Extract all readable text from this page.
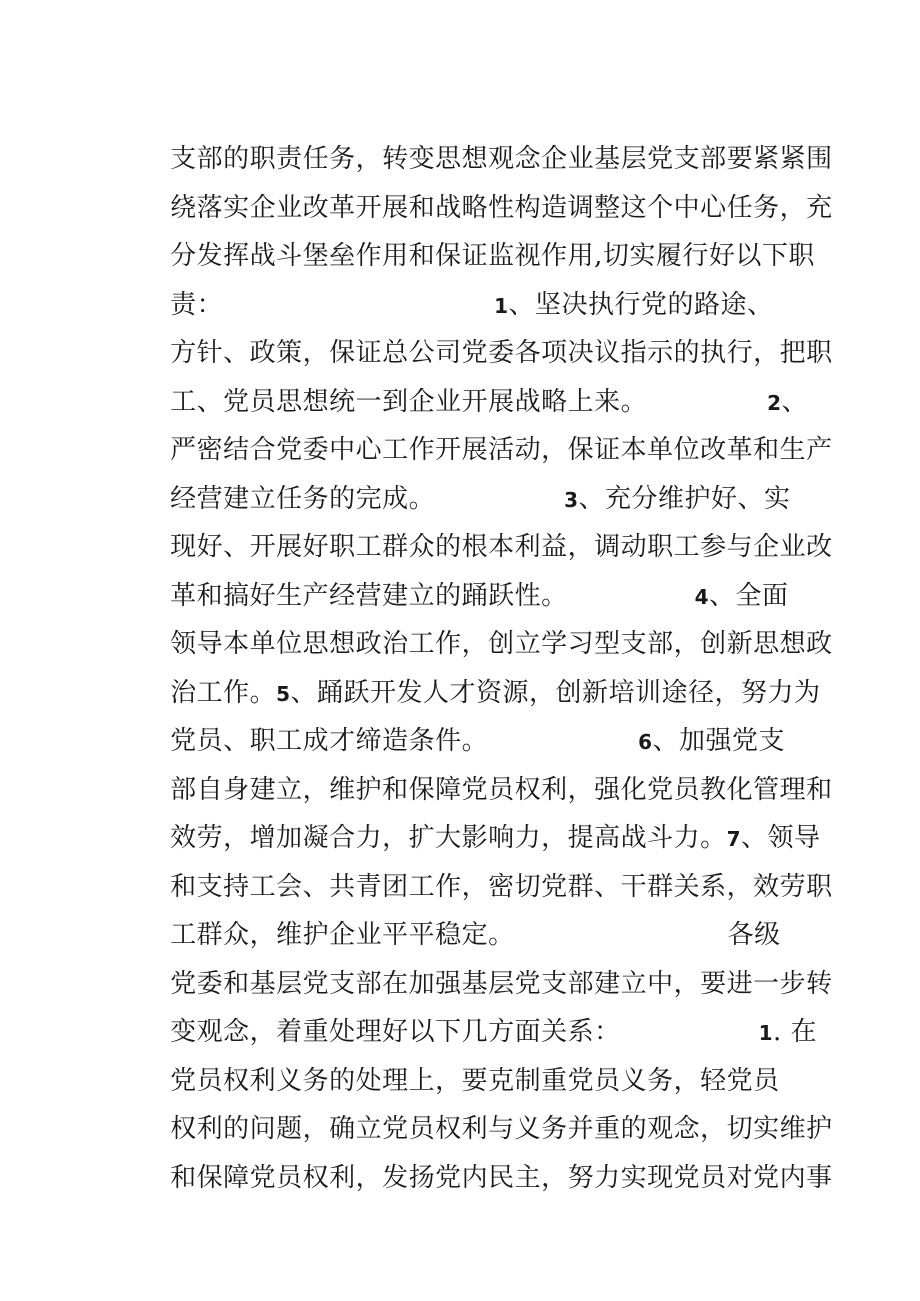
支部的职责任务，转变思想观念企业基层党支部要紧紧围

绕落实企业改革开展和战略性构造调整这个中心任务，充

分发挥战斗堡垒作用和保证监视作用,切实履行好以下职

责：	1、坚决执行党的路途、

方针、政策，保证总公司党委各项决议指示的执行，把职

工、党员思想统一到企业开展战略上来。	2、

严密结合党委中心工作开展活动，保证本单位改革和生产

经营建立任务的完成。	3、充分维护好、实

现好、开展好职工群众的根本利益，调动职工参与企业改

革和搞好生产经营建立的踊跃性。	4、全面

领导本单位思想政治工作，创立学习型支部，创新思想政

治工作。5、踊跃开发人才资源，创新培训途径，努力为

党员、职工成才缔造条件。	6、加强党支

部自身建立，维护和保障党员权利，强化党员教化管理和

效劳，增加凝合力，扩大影响力，提高战斗力。7、领导

和支持工会、共青团工作，密切党群、干群关系，效劳职

工群众，维护企业平平稳定。	各级

党委和基层党支部在加强基层党支部建立中，要进一步转

变观念，着重处理好以下几方面关系：	1. 在

党员权利义务的处理上，要克制重党员义务，轻党员

权利的问题，确立党员权利与义务并重的观念，切实维护

和保障党员权利，发扬党内民主，努力实现党员对党内事
